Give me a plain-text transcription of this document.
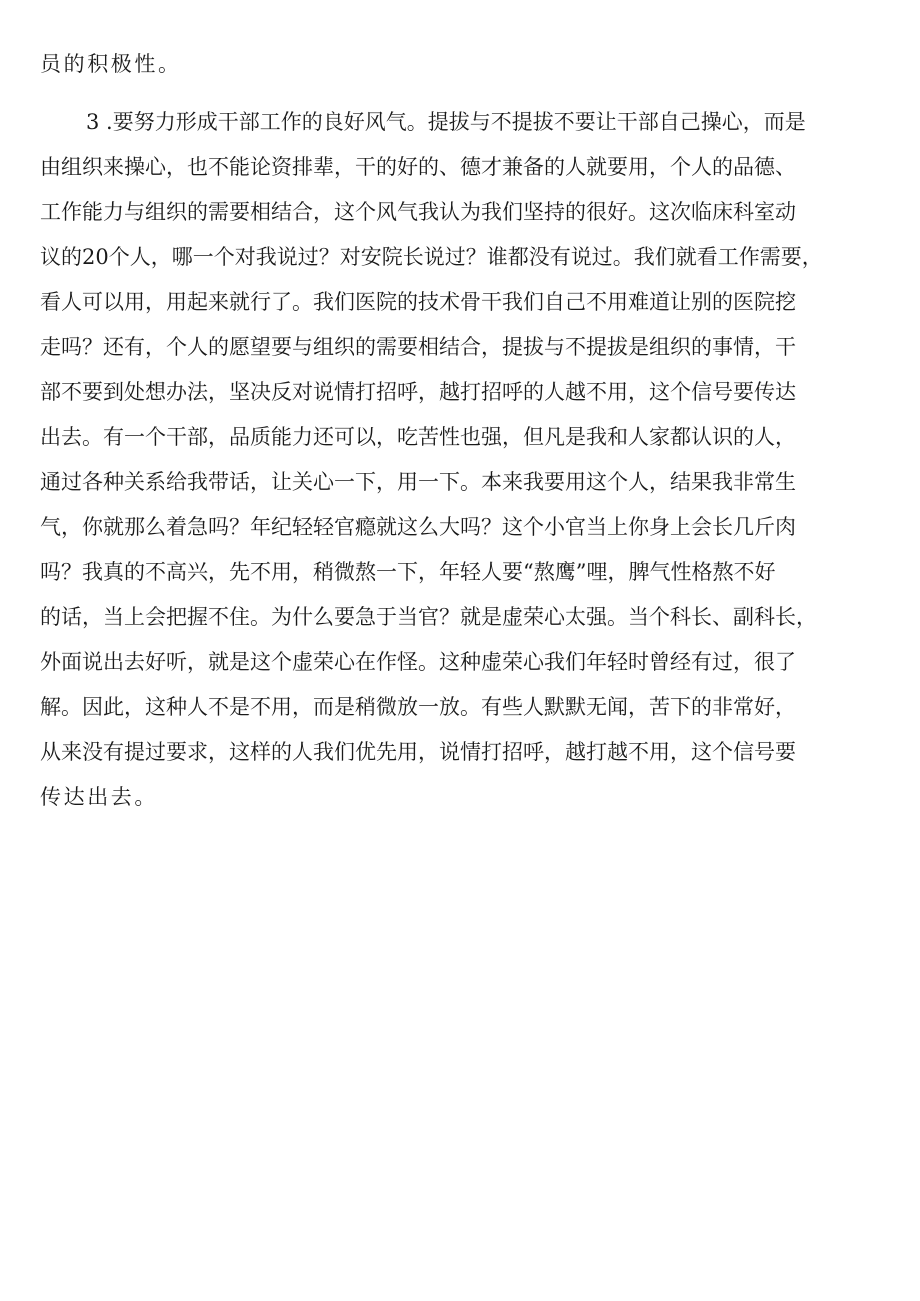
员的积极性。

3 .要努力形成干部工作的良好风气。提拔与不提拔不要让干部自己操心，而是

由组织来操心，也不能论资排辈，干的好的、德才兼备的人就要用，个人的品德、

工作能力与组织的需要相结合，这个风气我认为我们坚持的很好。这次临床科室动

议的20个人，哪一个对我说过？对安院长说过？谁都没有说过。我们就看工作需要，

看人可以用，用起来就行了。我们医院的技术骨干我们自己不用难道让别的医院挖

走吗？还有，个人的愿望要与组织的需要相结合，提拔与不提拔是组织的事情，干

部不要到处想办法，坚决反对说情打招呼，越打招呼的人越不用，这个信号要传达

出去。有一个干部，品质能力还可以，吃苦性也强，但凡是我和人家都认识的人，

通过各种关系给我带话，让关心一下，用一下。本来我要用这个人，结果我非常生

气，你就那么着急吗？年纪轻轻官瘾就这么大吗？这个小官当上你身上会长几斤肉

吗？我真的不高兴，先不用，稍微熬一下，年轻人要“熬鹰”哩，脾气性格熬不好

的话，当上会把握不住。为什么要急于当官？就是虚荣心太强。当个科长、副科长，

外面说出去好听，就是这个虚荣心在作怪。这种虚荣心我们年轻时曾经有过，很了

解。因此，这种人不是不用，而是稍微放一放。有些人默默无闻，苦下的非常好，

从来没有提过要求，这样的人我们优先用，说情打招呼，越打越不用，这个信号要

传达出去。
